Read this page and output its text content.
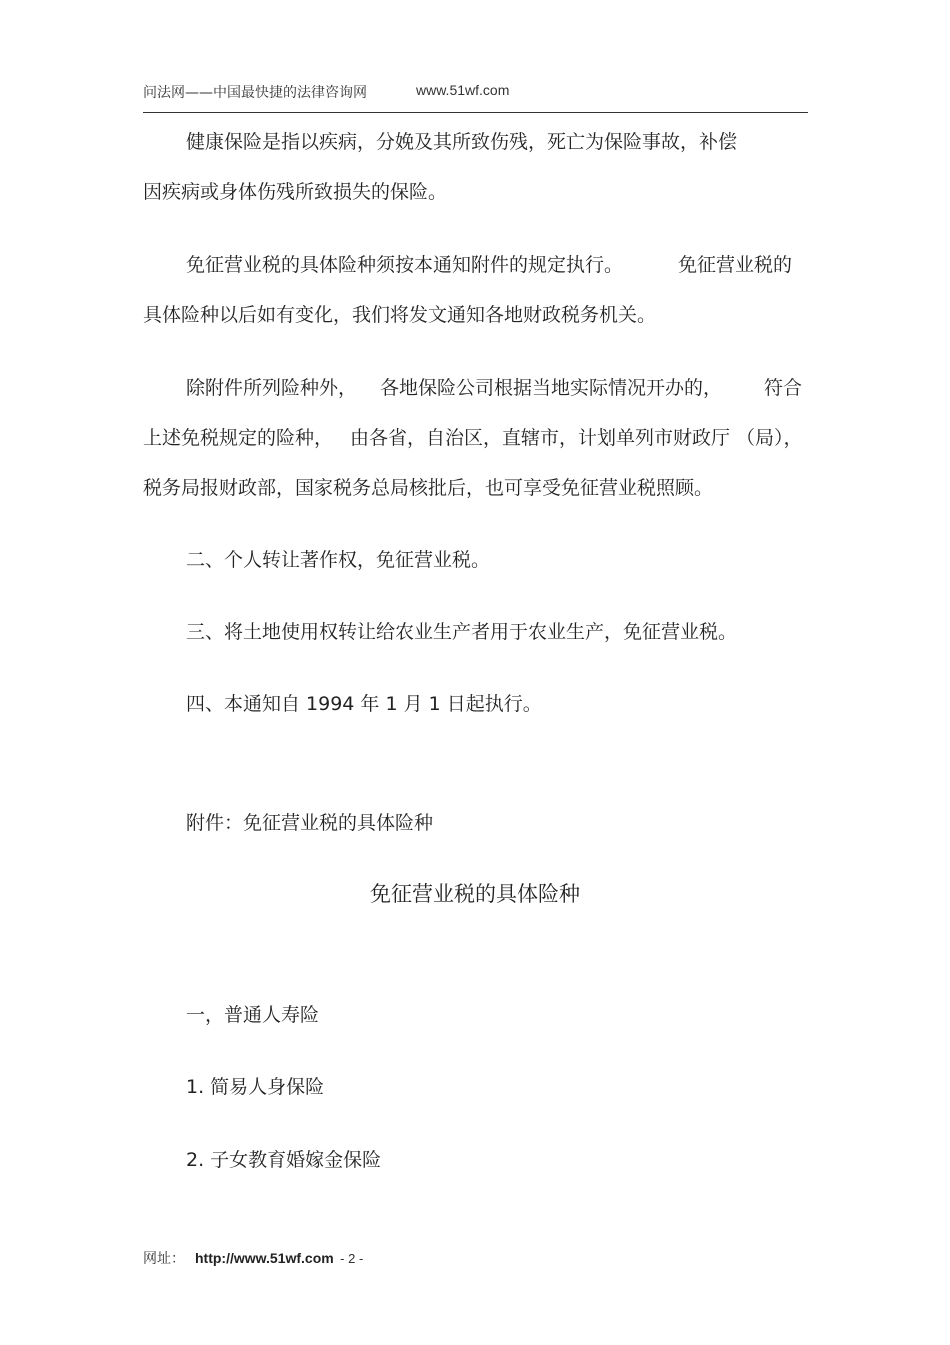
问法网——中国最快捷的法律咨询网	www.51wf.com
健康保险是指以疾病，分娩及其所致伤残，死亡为保险事故，补偿
因疾病或身体伤残所致损失的保险。
免征营业税的具体险种须按本通知附件的规定执行。	免征营业税的
具体险种以后如有变化，我们将发文通知各地财政税务机关。
除附件所列险种外， 各地保险公司根据当地实际情况开办的， 符合
上述免税规定的险种， 由各省，自治区，直辖市，计划单列市财政厅 （局），
税务局报财政部，国家税务总局核批后，也可享受免征营业税照顾。
二、个人转让著作权，免征营业税。
三、将土地使用权转让给农业生产者用于农业生产，免征营业税。
四、本通知自 1994 年 1 月 1 日起执行。
附件：免征营业税的具体险种
免征营业税的具体险种
一，普通人寿险
1. 简易人身保险
2. 子女教育婚嫁金保险
网址： http://www.51wf.com - 2 -
